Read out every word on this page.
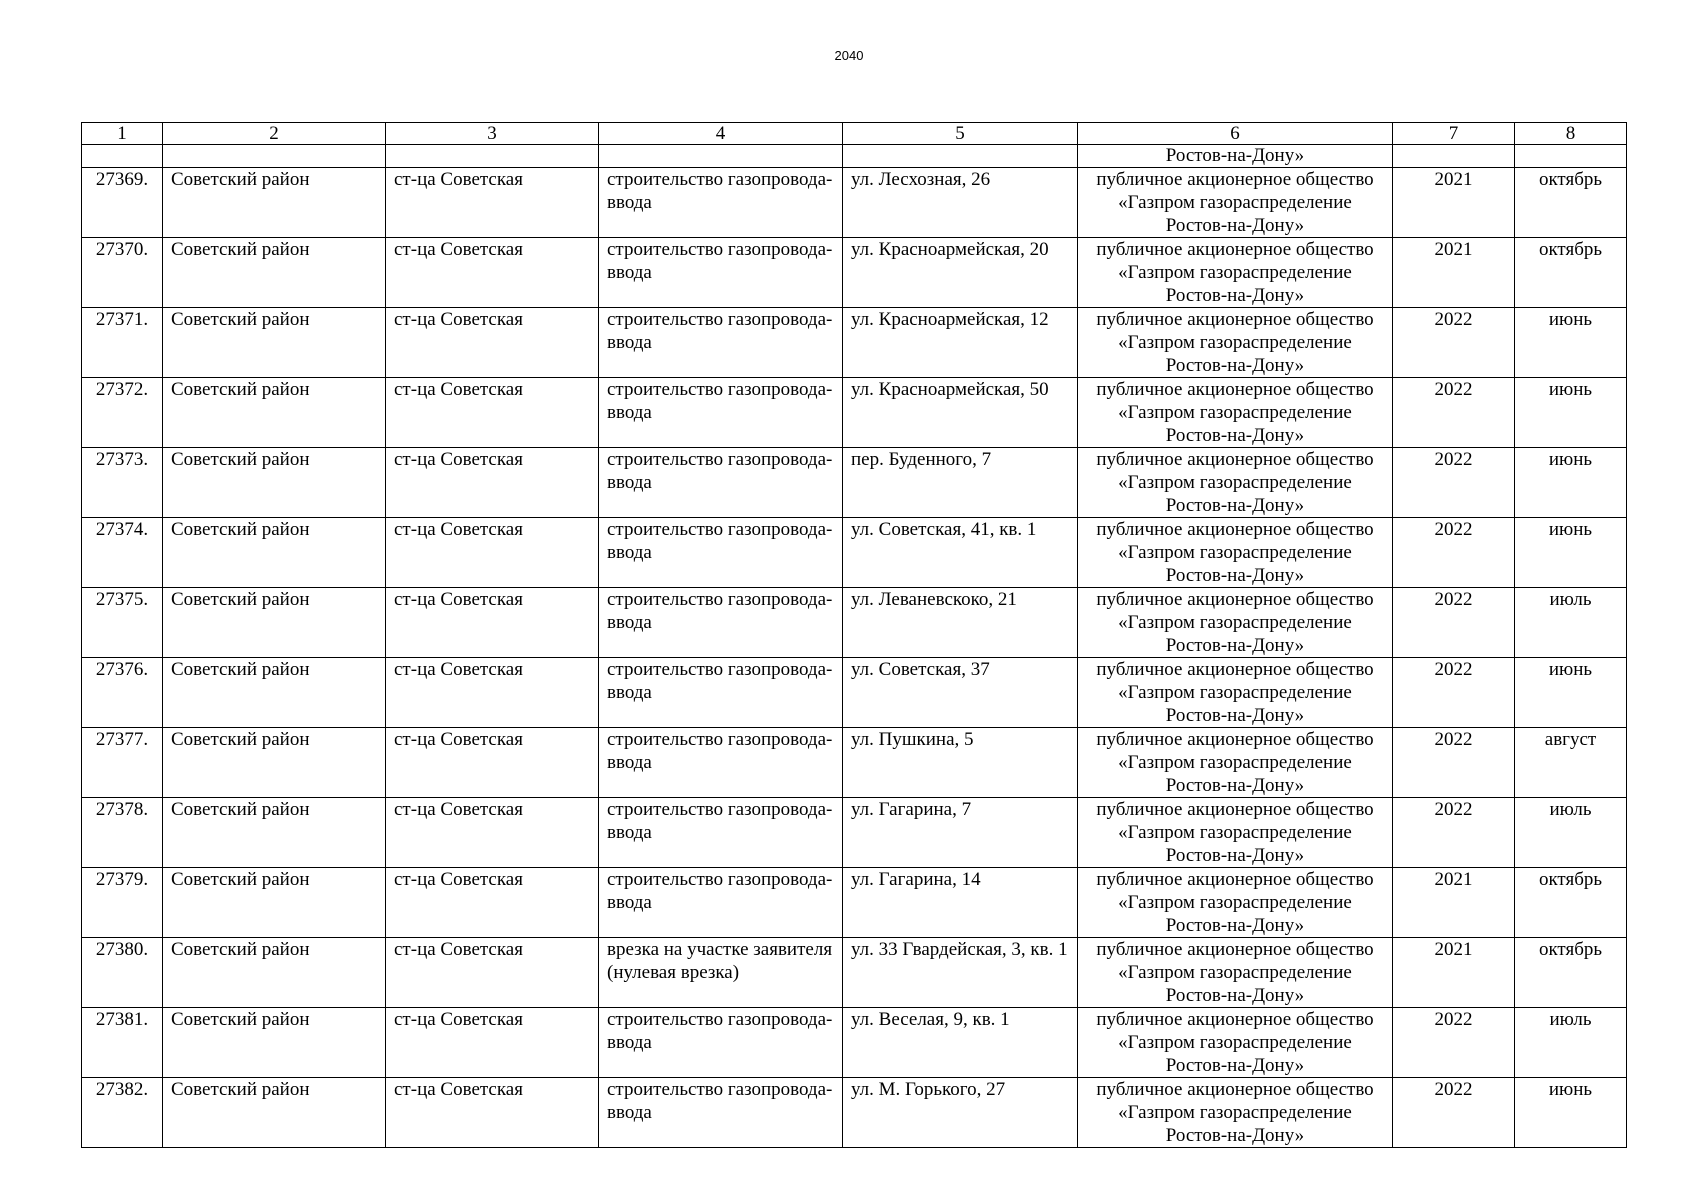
2040
1	2	3	4	5	6	7	8
					Ростов-на-Дону»		
27369.	Советский район	ст-ца Советская	строительство газопровода-ввода	ул. Лесхозная, 26	публичное акционерное общество «Газпром газораспределение Ростов-на-Дону»	2021	октябрь
27370.	Советский район	ст-ца Советская	строительство газопровода-ввода	ул. Красноармейская, 20	публичное акционерное общество «Газпром газораспределение Ростов-на-Дону»	2021	октябрь
27371.	Советский район	ст-ца Советская	строительство газопровода-ввода	ул. Красноармейская, 12	публичное акционерное общество «Газпром газораспределение Ростов-на-Дону»	2022	июнь
27372.	Советский район	ст-ца Советская	строительство газопровода-ввода	ул. Красноармейская, 50	публичное акционерное общество «Газпром газораспределение Ростов-на-Дону»	2022	июнь
27373.	Советский район	ст-ца Советская	строительство газопровода-ввода	пер. Буденного, 7	публичное акционерное общество «Газпром газораспределение Ростов-на-Дону»	2022	июнь
27374.	Советский район	ст-ца Советская	строительство газопровода-ввода	ул. Советская, 41, кв. 1	публичное акционерное общество «Газпром газораспределение Ростов-на-Дону»	2022	июнь
27375.	Советский район	ст-ца Советская	строительство газопровода-ввода	ул. Леваневскоко, 21	публичное акционерное общество «Газпром газораспределение Ростов-на-Дону»	2022	июль
27376.	Советский район	ст-ца Советская	строительство газопровода-ввода	ул. Советская, 37	публичное акционерное общество «Газпром газораспределение Ростов-на-Дону»	2022	июнь
27377.	Советский район	ст-ца Советская	строительство газопровода-ввода	ул. Пушкина, 5	публичное акционерное общество «Газпром газораспределение Ростов-на-Дону»	2022	август
27378.	Советский район	ст-ца Советская	строительство газопровода-ввода	ул. Гагарина, 7	публичное акционерное общество «Газпром газораспределение Ростов-на-Дону»	2022	июль
27379.	Советский район	ст-ца Советская	строительство газопровода-ввода	ул. Гагарина, 14	публичное акционерное общество «Газпром газораспределение Ростов-на-Дону»	2021	октябрь
27380.	Советский район	ст-ца Советская	врезка на участке заявителя (нулевая врезка)	ул. 33 Гвардейская, 3, кв. 1	публичное акционерное общество «Газпром газораспределение Ростов-на-Дону»	2021	октябрь
27381.	Советский район	ст-ца Советская	строительство газопровода-ввода	ул. Веселая, 9, кв. 1	публичное акционерное общество «Газпром газораспределение Ростов-на-Дону»	2022	июль
27382.	Советский район	ст-ца Советская	строительство газопровода-ввода	ул. М. Горького, 27	публичное акционерное общество «Газпром газораспределение Ростов-на-Дону»	2022	июнь
